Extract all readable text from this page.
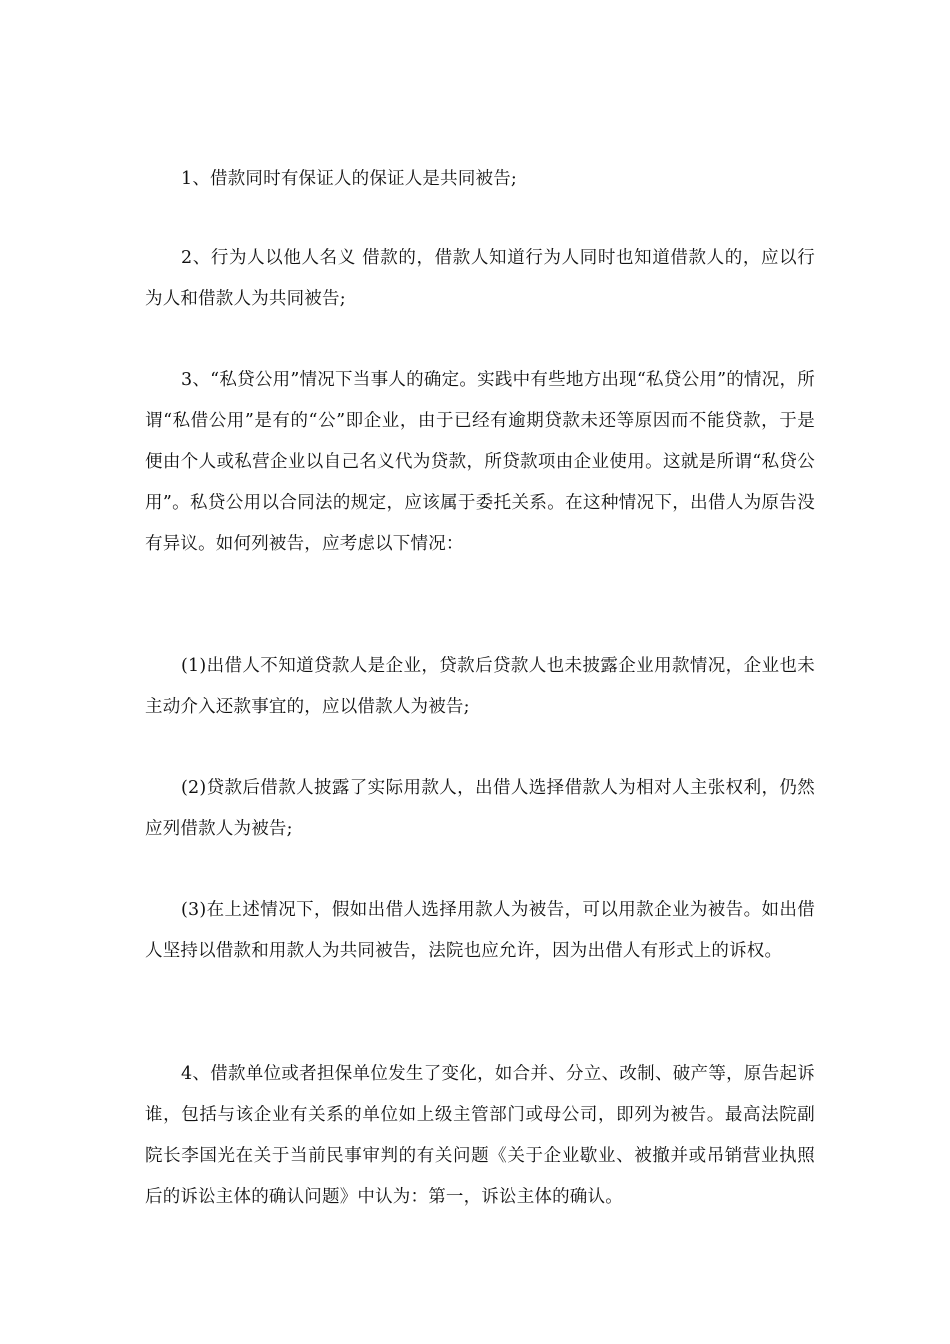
1、借款同时有保证人的保证人是共同被告;
2、行为人以他人名义 借款的，借款人知道行为人同时也知道借款人的，应以行为人和借款人为共同被告;
3、“私贷公用”情况下当事人的确定。实践中有些地方出现“私贷公用”的情况，所谓“私借公用”是有的“公”即企业，由于已经有逾期贷款未还等原因而不能贷款，于是便由个人或私营企业以自己名义代为贷款，所贷款项由企业使用。这就是所谓“私贷公用”。私贷公用以合同法的规定，应该属于委托关系。在这种情况下，出借人为原告没有异议。如何列被告，应考虑以下情况：
(1)出借人不知道贷款人是企业，贷款后贷款人也未披露企业用款情况，企业也未主动介入还款事宜的，应以借款人为被告;
(2)贷款后借款人披露了实际用款人，出借人选择借款人为相对人主张权利，仍然应列借款人为被告;
(3)在上述情况下，假如出借人选择用款人为被告，可以用款企业为被告。如出借人坚持以借款和用款人为共同被告，法院也应允许，因为出借人有形式上的诉权。
4、借款单位或者担保单位发生了变化，如合并、分立、改制、破产等，原告起诉谁，包括与该企业有关系的单位如上级主管部门或母公司，即列为被告。最高法院副院长李国光在关于当前民事审判的有关问题《关于企业歇业、被撤并或吊销营业执照后的诉讼主体的确认问题》中认为：第一，诉讼主体的确认。
